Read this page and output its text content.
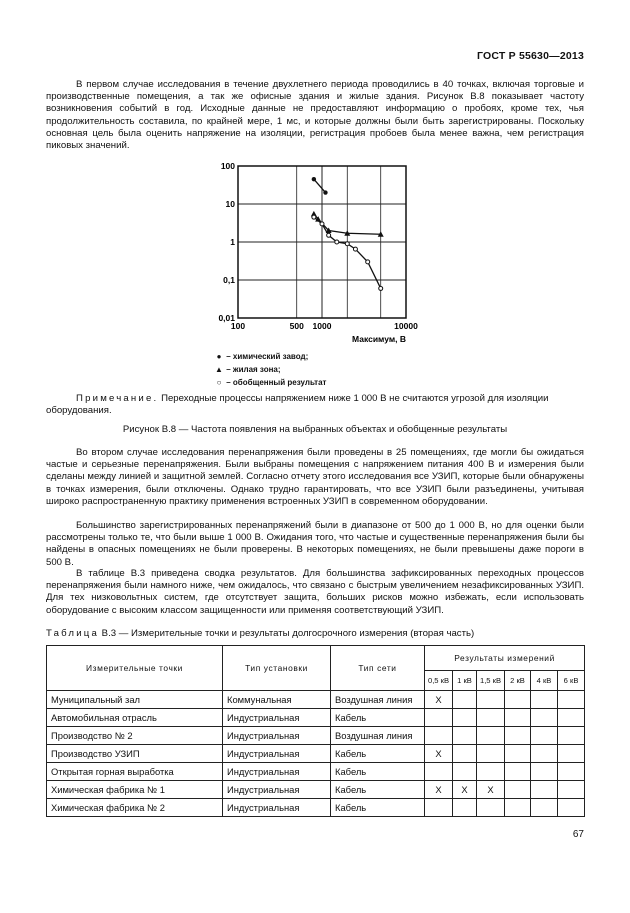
ГОСТ Р 55630—2013

В первом случае исследования в течение двухлетнего периода проводились в 40 точках, включая торговые и производственные помещения, а так же офисные здания и жилые здания. Рисунок В.8 показывает частоту возникновения событий в год. Исходные данные не предоставляют информацию о пробоях, кроме тех, чья продолжительность составила, по крайней мере, 1 мс, и которые должны были быть зарегистрированы. Поскольку основная цель была оценить напряжение на изоляции, регистрация пробоев была менее важна, чем регистрация пиковых значений.

100
10
1
0,1
0,01
100	500 1000	10000
Максимум, В
● – химический завод;
▲ – жилая зона;
○ – обобщенный результат

Примечание. Переходные процессы напряжением ниже 1 000 В не считаются угрозой для изоляции оборудования.

Рисунок В.8 — Частота появления на выбранных объектах и обобщенные результаты

Во втором случае исследования перенапряжения были проведены в 25 помещениях, где могли бы ожидаться частые и серьезные перенапряжения. Были выбраны помещения с напряжением питания 400 В и измерения были сделаны между линией и защитной землей. Согласно отчету этого исследования все УЗИП, которые были обнаружены в точках измерения, были отключены. Однако трудно гарантировать, что все УЗИП были разъединены, учитывая широко распространенную практику применения встроенных УЗИП в современном оборудовании.

Большинство зарегистрированных перенапряжений были в диапазоне от 500 до 1 000 В, но для оценки были рассмотрены только те, что были выше 1 000 В. Ожидания того, что частые и существенные перенапряжения были бы найдены в опасных помещениях не были проверены. В некоторых помещениях, не были превышены даже пороги в 500 В.

В таблице В.3 приведена сводка результатов. Для большинства зафиксированных переходных процессов перенапряжения были намного ниже, чем ожидалось, что связано с быстрым увеличением незафиксированных УЗИП. Для тех низковольтных систем, где отсутствует защита, больших рисков можно избежать, если использовать оборудование с высоким классом защищенности или применяя соответствующий УЗИП.

Таблица В.3 — Измерительные точки и результаты долгосрочного измерения (вторая часть)
Измерительные точки	Тип установки	Тип сети	Результаты измерений					
			0,5 кВ	1 кВ	1,5 кВ	2 кВ	4 кВ	6 кВ
Муниципальный зал	Коммунальная	Воздушная линия	X					
Автомобильная отрасль	Индустриальная	Кабель						
Производство № 2	Индустриальная	Воздушная линия						
Производство УЗИП	Индустриальная	Кабель	X					
Открытая горная выработка	Индустриальная	Кабель						
Химическая фабрика № 1	Индустриальная	Кабель	X	X	X			
Химическая фабрика № 2	Индустриальная	Кабель						
67
